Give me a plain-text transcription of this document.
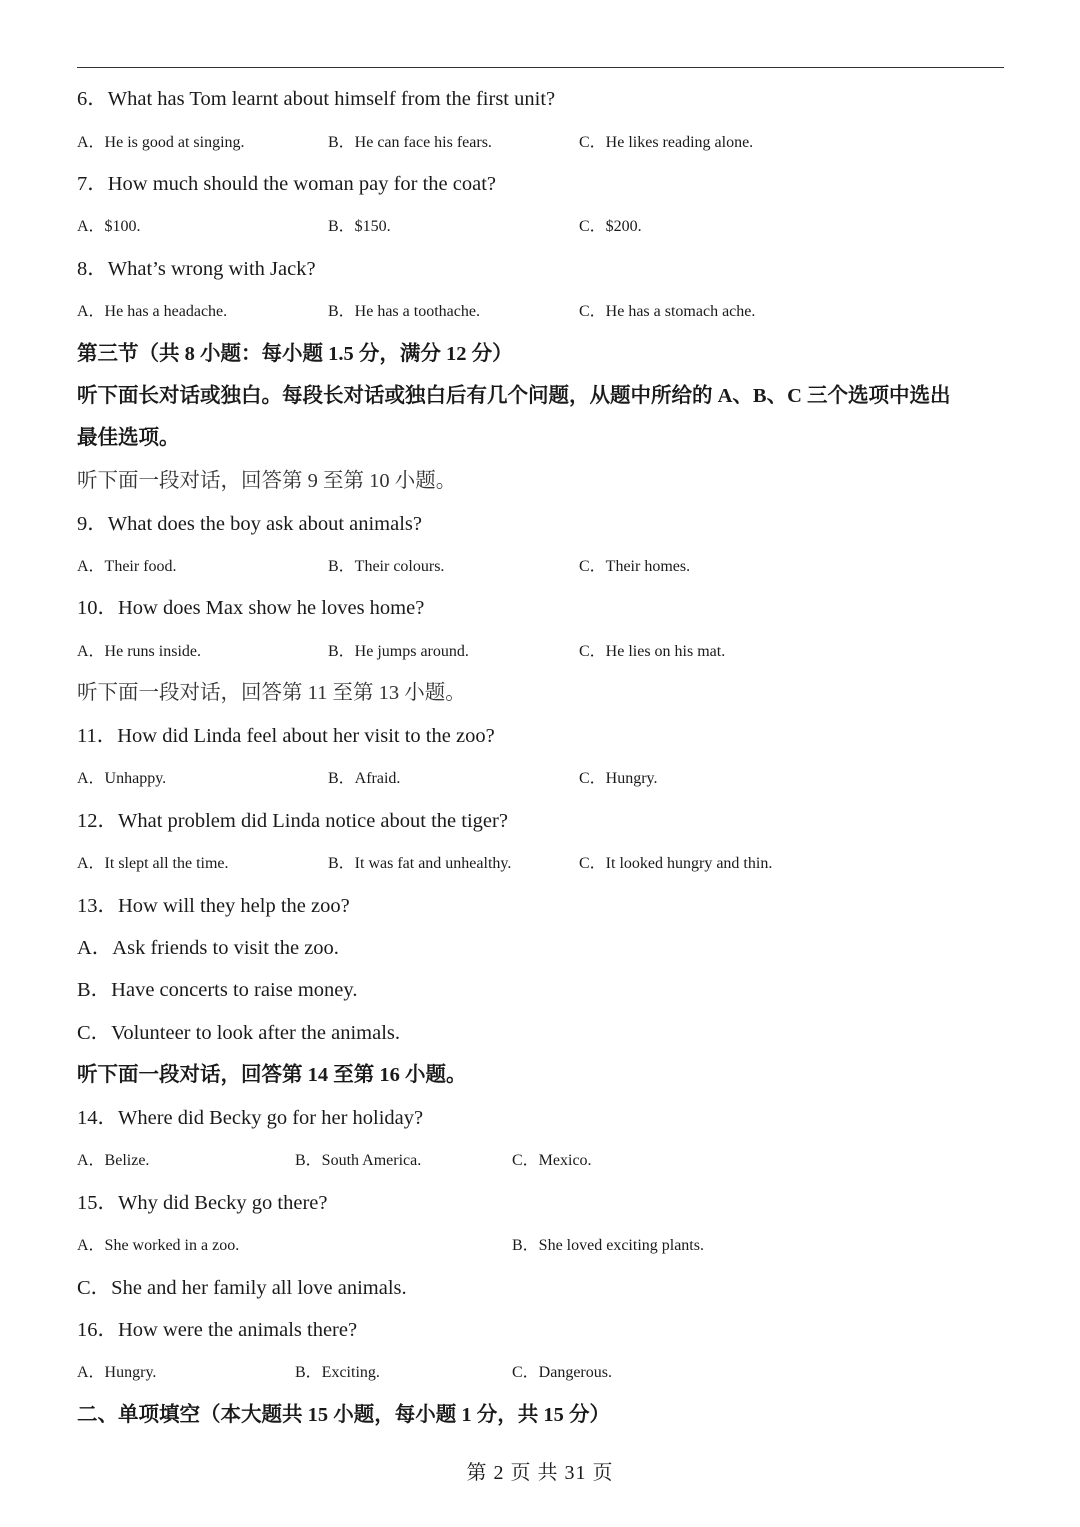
6．What has Tom learnt about himself from the first unit?
A．He is good at singing.	B．He can face his fears.	C．He likes reading alone.
7．How much should the woman pay for the coat?
A．$100.	B．$150.	C．$200.
8．What’s wrong with Jack?
A．He has a headache.	B．He has a toothache.	C．He has a stomach ache.
第三节（共 8 小题：每小题 1.5 分，满分 12 分）
听下面长对话或独白。每段长对话或独白后有几个问题，从题中所给的 A、B、C 三个选项中选出
最佳选项。
听下面一段对话，回答第 9 至第 10 小题。
9．What does the boy ask about animals?
A．Their food.	B．Their colours.	C．Their homes.
10．How does Max show he loves home?
A．He runs inside.	B．He jumps around.	C．He lies on his mat.
听下面一段对话，回答第 11 至第 13 小题。
11．How did Linda feel about her visit to the zoo?
A．Unhappy.	B．Afraid.	C．Hungry.
12．What problem did Linda notice about the tiger?
A．It slept all the time.	B．It was fat and unhealthy.	C．It looked hungry and thin.
13．How will they help the zoo?
A．Ask friends to visit the zoo.
B．Have concerts to raise money.
C．Volunteer to look after the animals.
听下面一段对话，回答第 14 至第 16 小题。
14．Where did Becky go for her holiday?
A．Belize.	B．South America.	C．Mexico.
15．Why did Becky go there?
A．She worked in a zoo.	B．She loved exciting plants.
C．She and her family all love animals.
16．How were the animals there?
A．Hungry.	B．Exciting.	C．Dangerous.
二、单项填空（本大题共 15 小题，每小题 1 分，共 15 分）
第 2 页 共 31 页
